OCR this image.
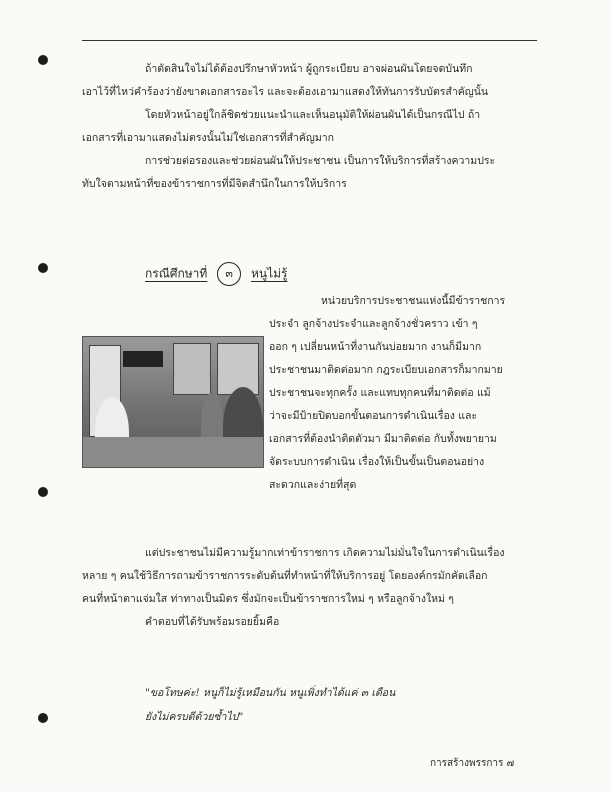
ถ้าตัดสินใจไม่ได้ต้องปรึกษาหัวหน้า ผู้ถูกระเบียบ อาจผ่อนผันโดยจดบันทึก
เอาไว้ที่ไหว่คำร้องว่ายังขาดเอกสารอะไร และจะต้องเอามาแสดงให้ทันการรับบัตรสำคัญนั้น
โดยหัวหน้าอยู่ใกล้ชิดช่วยแนะนำและเห็นอนุมัติให้ผ่อนผันได้เป็นกรณีไป ถ้า
เอกสารที่เอามาแสดงไม่ตรงนั้นไม่ใช่เอกสารที่สำคัญมาก
การช่วยต่อรองและช่วยผ่อนผันให้ประชาชน เป็นการให้บริการที่สร้างความประ
ทับใจตามหน้าที่ของข้าราชการที่มีจิตสำนึกในการให้บริการ
กรณีศึกษาที่ ๓ หนูไม่รู้
หน่วยบริการประชาชนแห่งนี้มีข้าราชการ
ประจำ ลูกจ้างประจำและลูกจ้างชั่วคราว เข้า ๆ
ออก ๆ เปลี่ยนหน้าที่งานกันบ่อยมาก งานก็มีมาก
ประชาชนมาติดต่อมาก กฎระเบียบเอกสารก็มากมาย
ประชาชนจะทุกครั้ง และแทบทุกคนที่มาติดต่อ แม้
ว่าจะมีป้ายปิดบอกขั้นตอนการดำเนินเรื่อง และ
เอกสารที่ต้องนำติดตัวมา มีมาติดต่อ กับทั้งพยายาม
จัดระบบการดำเนิน เรื่องให้เป็นขั้นเป็นตอนอย่าง
สะดวกและง่ายที่สุด
แต่ประชาชนไม่มีความรู้มากเท่าข้าราชการ เกิดความไม่มั่นใจในการดำเนินเรื่อง
หลาย ๆ คนใช้วิธีการถามข้าราชการระดับต้นที่ทำหน้าที่ให้บริการอยู่ โดยองค์กรมักคัดเลือก
คนที่หน้าตาแจ่มใส ท่าทางเป็นมิตร ซึ่งมักจะเป็นข้าราชการใหม่ ๆ หรือลูกจ้างใหม่ ๆ
คำตอบที่ได้รับพร้อมรอยยิ้มคือ
"ขอโทษค่ะ! หนูก็ไม่รู้เหมือนกัน หนูเพิ่งทำได้แค่ ๓ เดือน
ยังไม่ครบดีด้วยซ้ำไป"
การสร้างพรรการ ๗
